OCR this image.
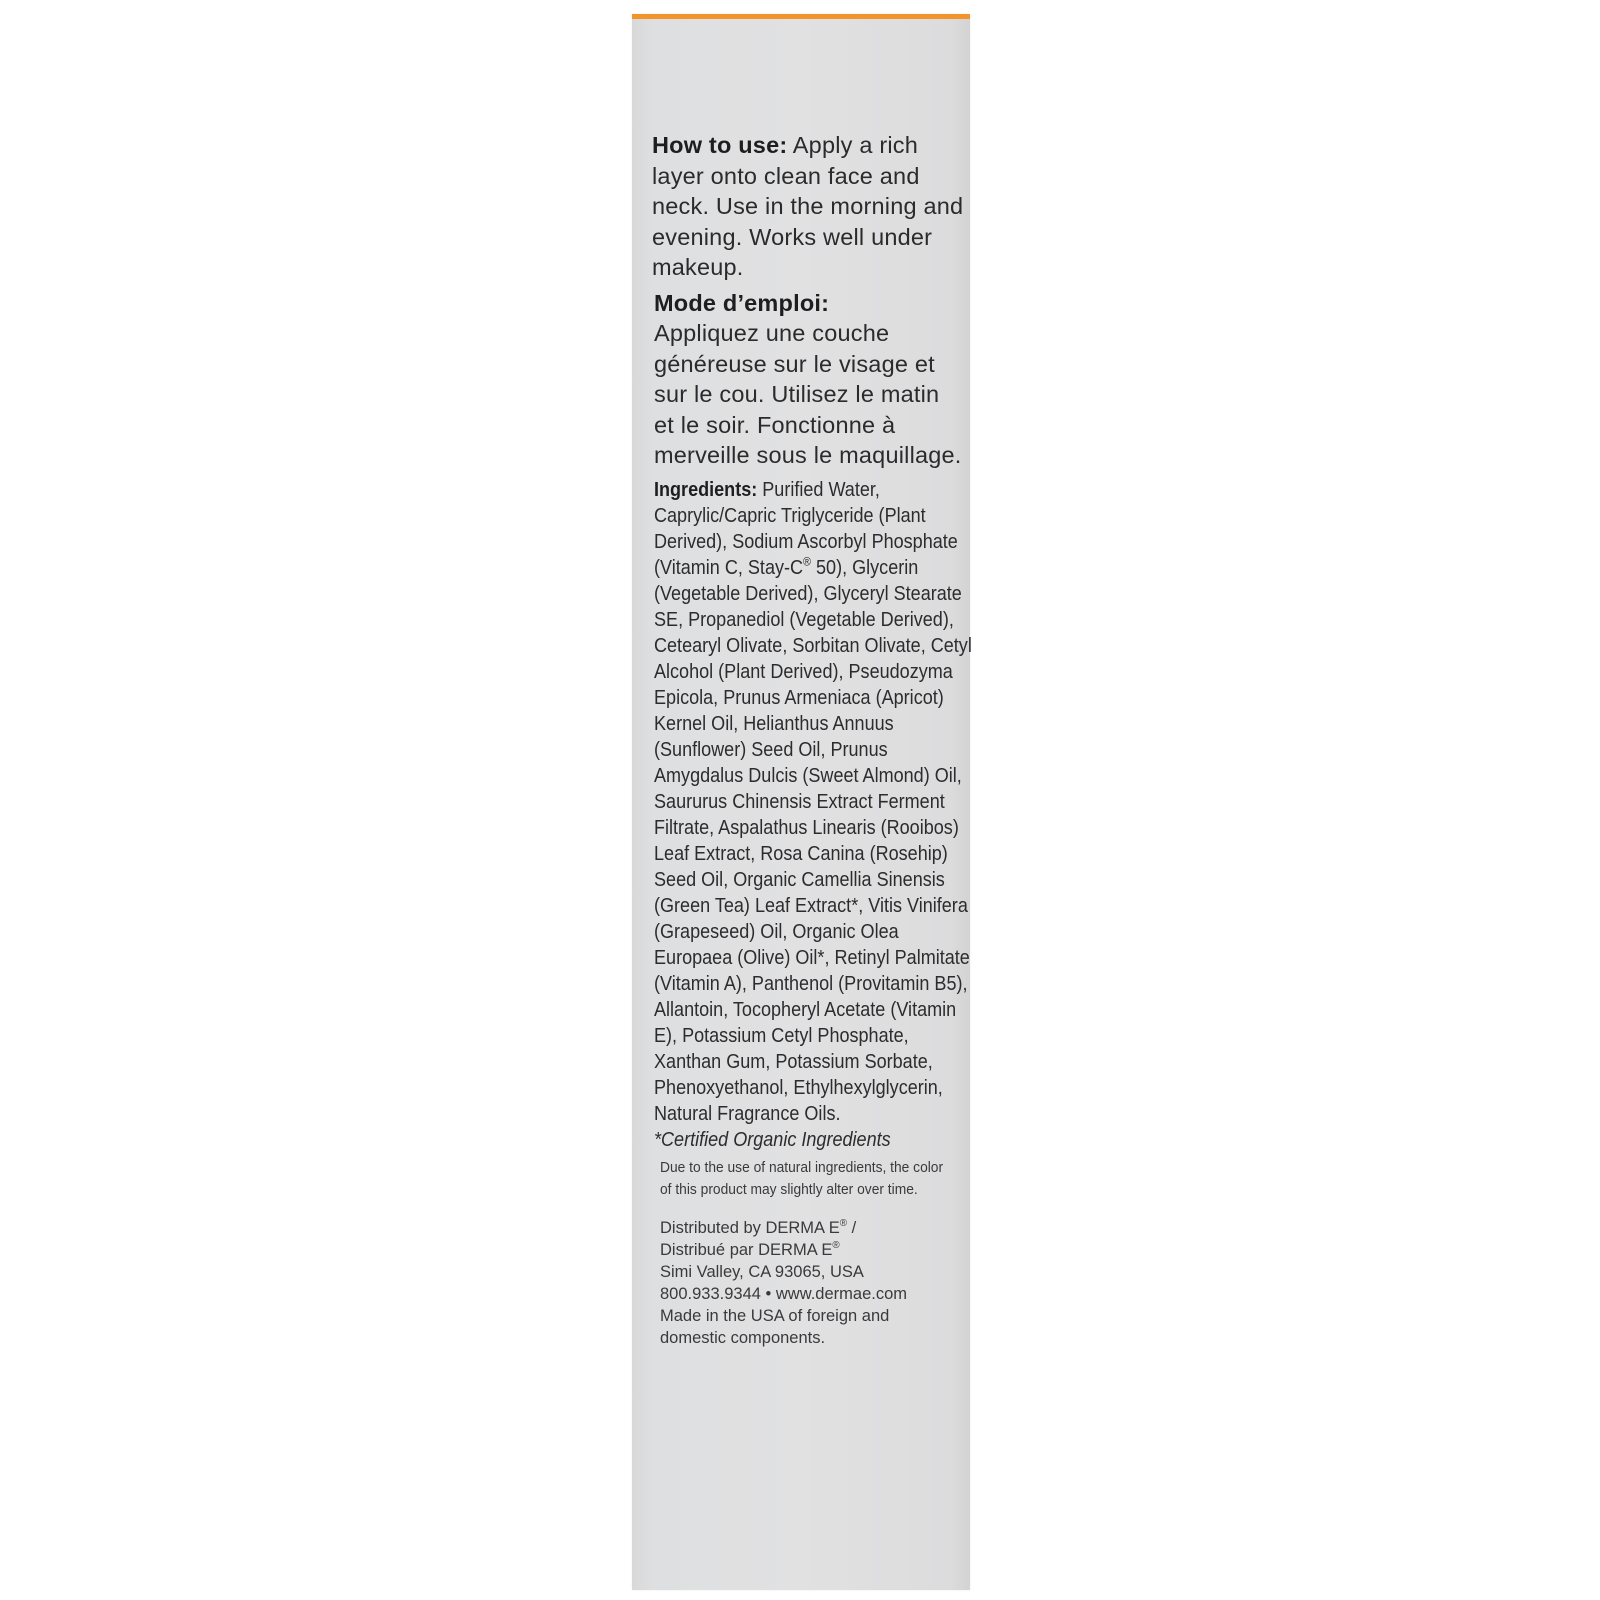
How to use: Apply a rich layer onto clean face and neck. Use in the morning and evening. Works well under makeup.

Mode d’emploi:
Appliquez une couche généreuse sur le visage et sur le cou. Utilisez le matin et le soir. Fonctionne à merveille sous le maquillage.

Ingredients: Purified Water, Caprylic/Capric Triglyceride (Plant Derived), Sodium Ascorbyl Phosphate (Vitamin C, Stay-C® 50), Glycerin (Vegetable Derived), Glyceryl Stearate SE, Propanediol (Vegetable Derived), Cetearyl Olivate, Sorbitan Olivate, Cetyl Alcohol (Plant Derived), Pseudozyma Epicola, Prunus Armeniaca (Apricot) Kernel Oil, Helianthus Annuus (Sunflower) Seed Oil, Prunus Amygdalus Dulcis (Sweet Almond) Oil, Saururus Chinensis Extract Ferment Filtrate, Aspalathus Linearis (Rooibos) Leaf Extract, Rosa Canina (Rosehip) Seed Oil, Organic Camellia Sinensis (Green Tea) Leaf Extract*, Vitis Vinifera (Grapeseed) Oil, Organic Olea Europaea (Olive) Oil*, Retinyl Palmitate (Vitamin A), Panthenol (Provitamin B5), Allantoin, Tocopheryl Acetate (Vitamin E), Potassium Cetyl Phosphate, Xanthan Gum, Potassium Sorbate, Phenoxyethanol, Ethylhexylglycerin, Natural Fragrance Oils.
*Certified Organic Ingredients

Due to the use of natural ingredients, the color of this product may slightly alter over time.

Distributed by DERMA E® /
Distribué par DERMA E®
Simi Valley, CA 93065, USA
800.933.9344 • www.dermae.com
Made in the USA of foreign and
domestic components.
